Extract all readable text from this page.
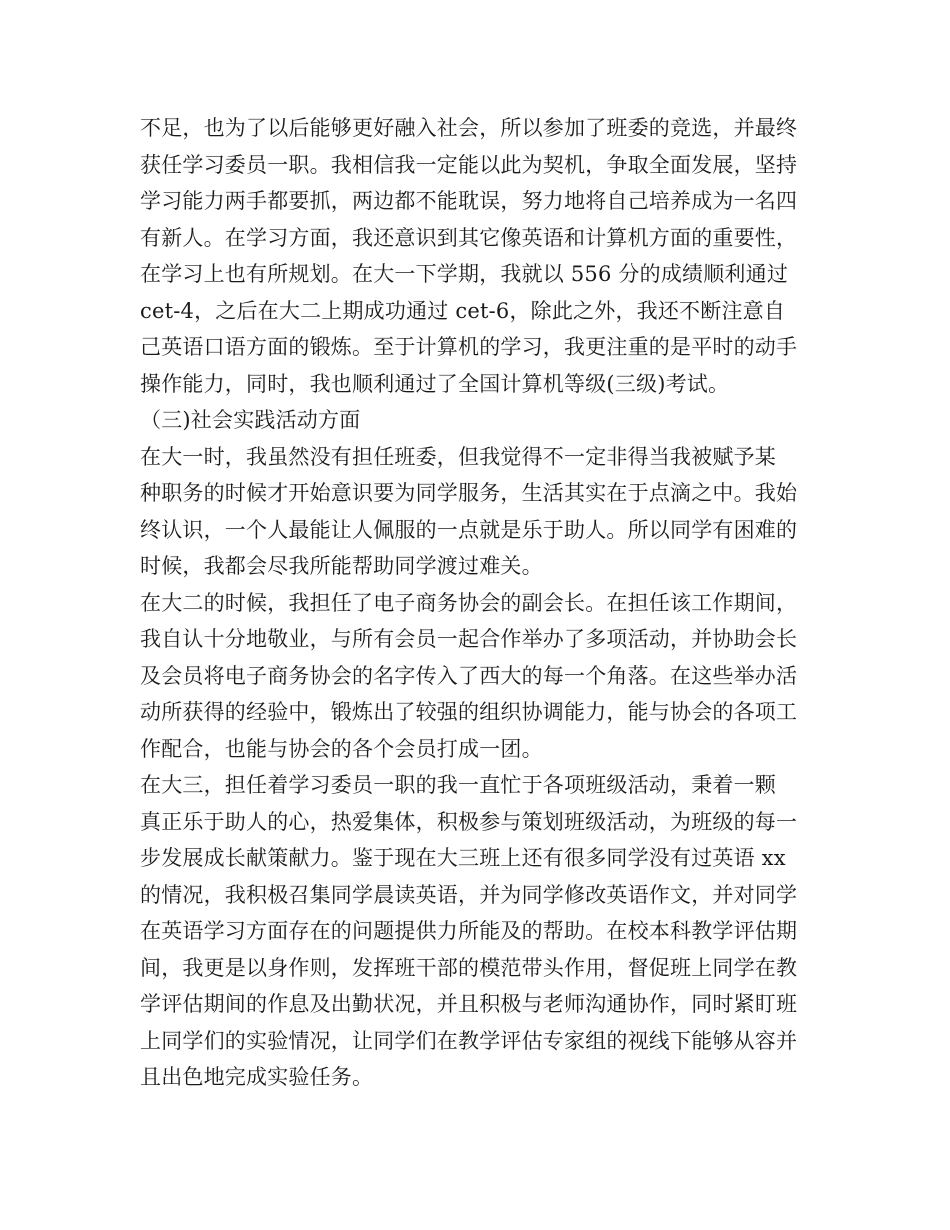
不足，也为了以后能够更好融入社会，所以参加了班委的竞选，并最终
获任学习委员一职。我相信我一定能以此为契机，争取全面发展，坚持
学习能力两手都要抓，两边都不能耽误，努力地将自己培养成为一名四
有新人。在学习方面，我还意识到其它像英语和计算机方面的重要性，
在学习上也有所规划。在大一下学期，我就以 556 分的成绩顺利通过
cet-4，之后在大二上期成功通过 cet-6，除此之外，我还不断注意自
己英语口语方面的锻炼。至于计算机的学习，我更注重的是平时的动手
操作能力，同时，我也顺利通过了全国计算机等级(三级)考试。
（三)社会实践活动方面
在大一时，我虽然没有担任班委，但我觉得不一定非得当我被赋予某
种职务的时候才开始意识要为同学服务，生活其实在于点滴之中。我始
终认识，一个人最能让人佩服的一点就是乐于助人。所以同学有困难的
时候，我都会尽我所能帮助同学渡过难关。
在大二的时候，我担任了电子商务协会的副会长。在担任该工作期间，
我自认十分地敬业，与所有会员一起合作举办了多项活动，并协助会长
及会员将电子商务协会的名字传入了西大的每一个角落。在这些举办活
动所获得的经验中，锻炼出了较强的组织协调能力，能与协会的各项工
作配合，也能与协会的各个会员打成一团。
在大三，担任着学习委员一职的我一直忙于各项班级活动，秉着一颗
真正乐于助人的心，热爱集体，积极参与策划班级活动，为班级的每一
步发展成长献策献力。鉴于现在大三班上还有很多同学没有过英语 xx
的情况，我积极召集同学晨读英语，并为同学修改英语作文，并对同学
在英语学习方面存在的问题提供力所能及的帮助。在校本科教学评估期
间，我更是以身作则，发挥班干部的模范带头作用，督促班上同学在教
学评估期间的作息及出勤状况，并且积极与老师沟通协作，同时紧盯班
上同学们的实验情况，让同学们在教学评估专家组的视线下能够从容并
且出色地完成实验任务。
